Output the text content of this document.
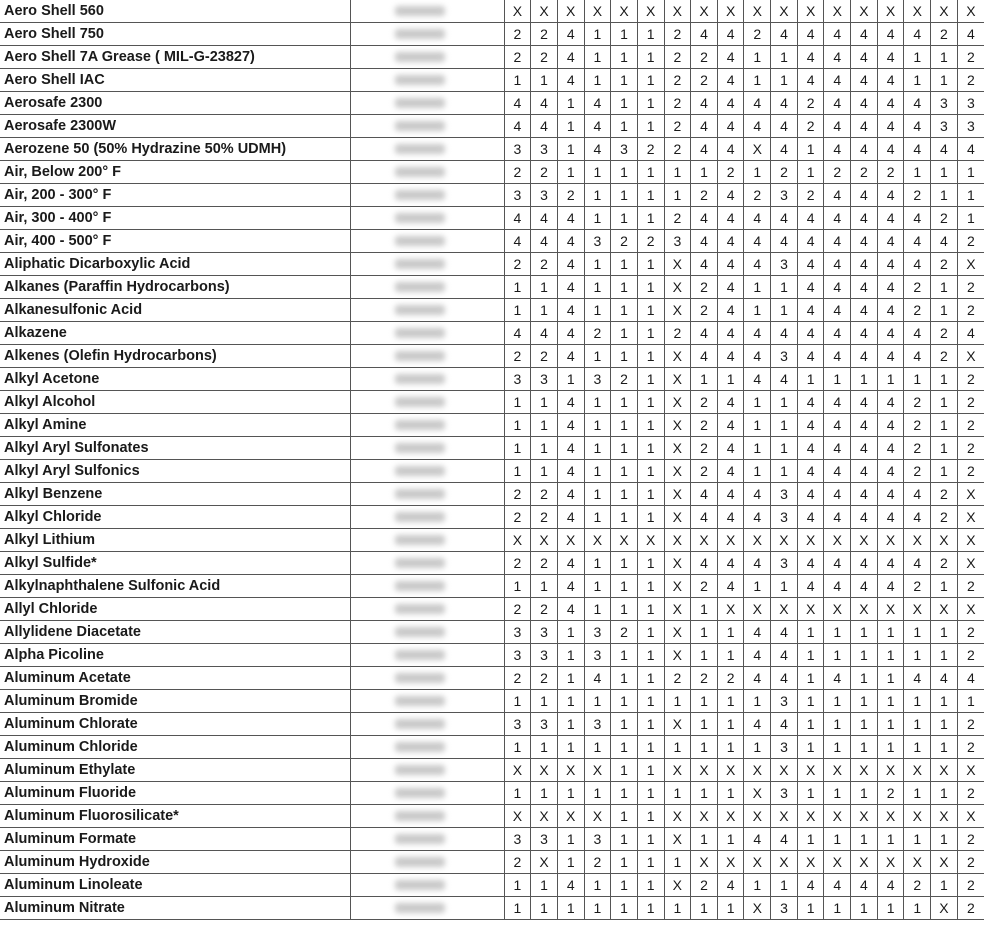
Aero Shell 560		X	X	X	X	X	X	X	X	X	X	X	X	X	X	X	X	X	X
Aero Shell 750		2	2	4	1	1	1	2	4	4	2	4	4	4	4	4	4	2	4
Aero Shell 7A Grease ( MIL-G-23827)		2	2	4	1	1	1	2	2	4	1	1	4	4	4	4	1	1	2
Aero Shell IAC		1	1	4	1	1	1	2	2	4	1	1	4	4	4	4	1	1	2
Aerosafe 2300		4	4	1	4	1	1	2	4	4	4	4	2	4	4	4	4	3	3
Aerosafe 2300W		4	4	1	4	1	1	2	4	4	4	4	2	4	4	4	4	3	3
Aerozene 50 (50% Hydrazine 50% UDMH)		3	3	1	4	3	2	2	4	4	X	4	1	4	4	4	4	4	4
Air, Below 200° F		2	2	1	1	1	1	1	1	2	1	2	1	2	2	2	1	1	1
Air, 200 - 300° F		3	3	2	1	1	1	1	2	4	2	3	2	4	4	4	2	1	1
Air, 300 - 400° F		4	4	4	1	1	1	2	4	4	4	4	4	4	4	4	4	2	1
Air, 400 - 500° F		4	4	4	3	2	2	3	4	4	4	4	4	4	4	4	4	4	2
Aliphatic Dicarboxylic Acid		2	2	4	1	1	1	X	4	4	4	3	4	4	4	4	4	2	X
Alkanes (Paraffin Hydrocarbons)		1	1	4	1	1	1	X	2	4	1	1	4	4	4	4	2	1	2
Alkanesulfonic Acid		1	1	4	1	1	1	X	2	4	1	1	4	4	4	4	2	1	2
Alkazene		4	4	4	2	1	1	2	4	4	4	4	4	4	4	4	4	2	4
Alkenes (Olefin Hydrocarbons)		2	2	4	1	1	1	X	4	4	4	3	4	4	4	4	4	2	X
Alkyl Acetone		3	3	1	3	2	1	X	1	1	4	4	1	1	1	1	1	1	2
Alkyl Alcohol		1	1	4	1	1	1	X	2	4	1	1	4	4	4	4	2	1	2
Alkyl Amine		1	1	4	1	1	1	X	2	4	1	1	4	4	4	4	2	1	2
Alkyl Aryl Sulfonates		1	1	4	1	1	1	X	2	4	1	1	4	4	4	4	2	1	2
Alkyl Aryl Sulfonics		1	1	4	1	1	1	X	2	4	1	1	4	4	4	4	2	1	2
Alkyl Benzene		2	2	4	1	1	1	X	4	4	4	3	4	4	4	4	4	2	X
Alkyl Chloride		2	2	4	1	1	1	X	4	4	4	3	4	4	4	4	4	2	X
Alkyl Lithium		X	X	X	X	X	X	X	X	X	X	X	X	X	X	X	X	X	X
Alkyl Sulfide*		2	2	4	1	1	1	X	4	4	4	3	4	4	4	4	4	2	X
Alkylnaphthalene Sulfonic Acid		1	1	4	1	1	1	X	2	4	1	1	4	4	4	4	2	1	2
Allyl Chloride		2	2	4	1	1	1	X	1	X	X	X	X	X	X	X	X	X	X
Allylidene Diacetate		3	3	1	3	2	1	X	1	1	4	4	1	1	1	1	1	1	2
Alpha Picoline		3	3	1	3	1	1	X	1	1	4	4	1	1	1	1	1	1	2
Aluminum Acetate		2	2	1	4	1	1	2	2	2	4	4	1	4	1	1	4	4	4
Aluminum Bromide		1	1	1	1	1	1	1	1	1	1	3	1	1	1	1	1	1	1
Aluminum Chlorate		3	3	1	3	1	1	X	1	1	4	4	1	1	1	1	1	1	2
Aluminum Chloride		1	1	1	1	1	1	1	1	1	1	3	1	1	1	1	1	1	2
Aluminum Ethylate		X	X	X	X	1	1	X	X	X	X	X	X	X	X	X	X	X	X
Aluminum Fluoride		1	1	1	1	1	1	1	1	1	X	3	1	1	1	2	1	1	2
Aluminum Fluorosilicate*		X	X	X	X	1	1	X	X	X	X	X	X	X	X	X	X	X	X
Aluminum Formate		3	3	1	3	1	1	X	1	1	4	4	1	1	1	1	1	1	2
Aluminum Hydroxide		2	X	1	2	1	1	1	X	X	X	X	X	X	X	X	X	X	2
Aluminum Linoleate		1	1	4	1	1	1	X	2	4	1	1	4	4	4	4	2	1	2
Aluminum Nitrate		1	1	1	1	1	1	1	1	1	X	3	1	1	1	1	1	X	2
